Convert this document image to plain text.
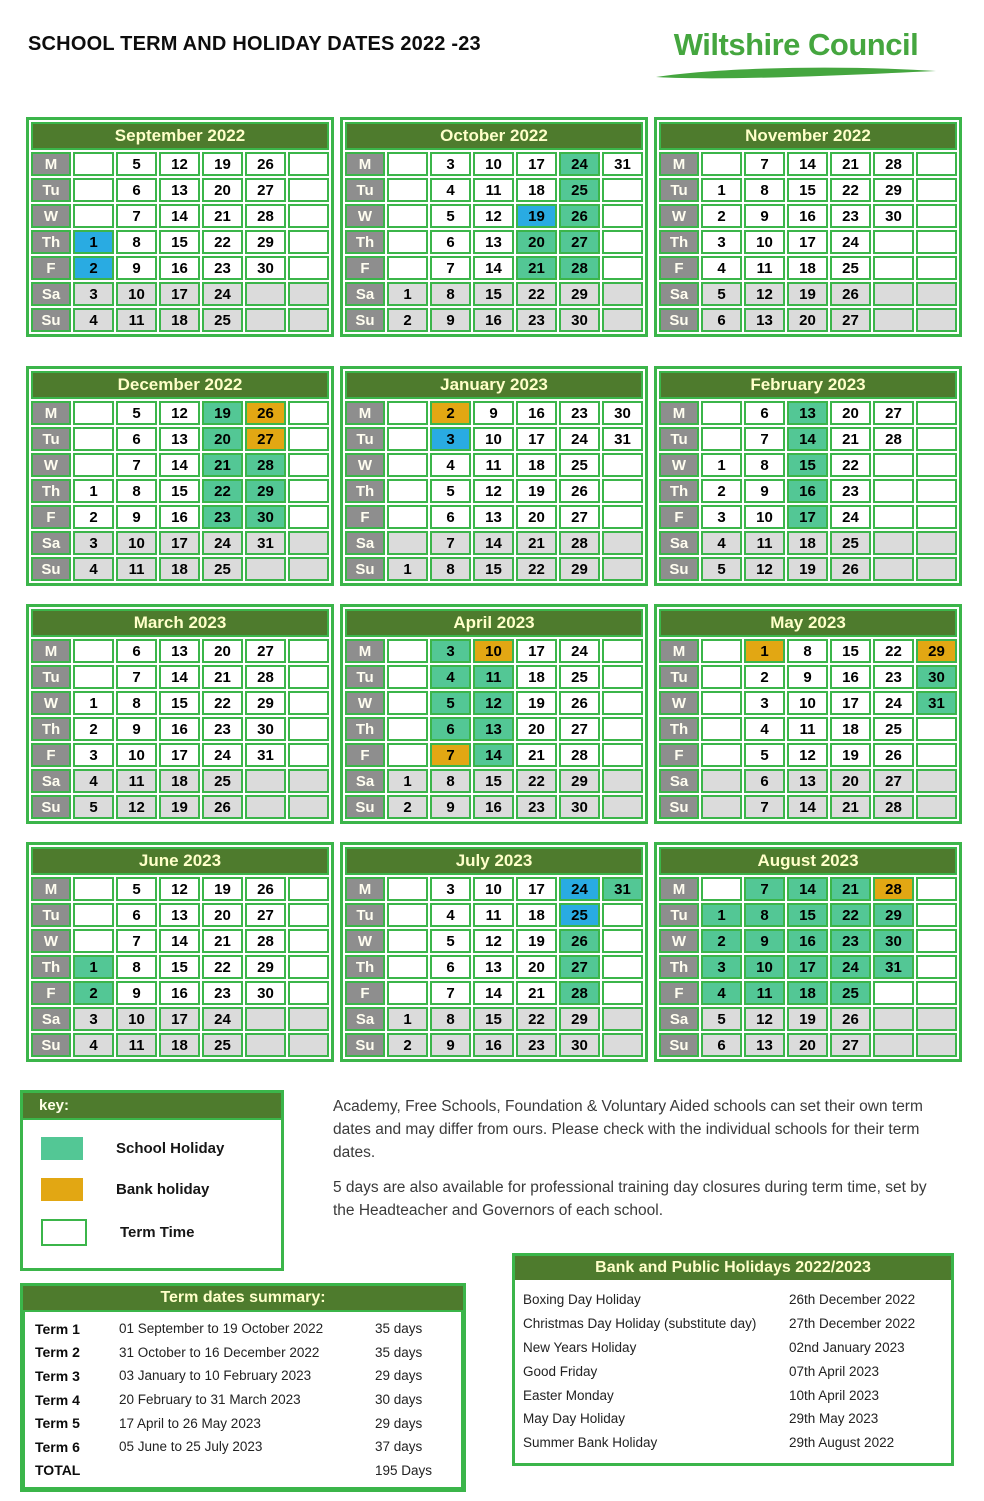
SCHOOL TERM AND HOLIDAY DATES 2022 -23	Wiltshire Council
September 2022						
M		5	12	19	26	
Tu		6	13	20	27	
W		7	14	21	28	
Th	1	8	15	22	29	
F	2	9	16	23	30	
Sa	3	10	17	24		
Su	4	11	18	25		
October 2022						
M		3	10	17	24	31
Tu		4	11	18	25	
W		5	12	19	26	
Th		6	13	20	27	
F		7	14	21	28	
Sa	1	8	15	22	29	
Su	2	9	16	23	30	
November 2022						
M		7	14	21	28	
Tu	1	8	15	22	29	
W	2	9	16	23	30	
Th	3	10	17	24		
F	4	11	18	25		
Sa	5	12	19	26		
Su	6	13	20	27		
December 2022						
M		5	12	19	26	
Tu		6	13	20	27	
W		7	14	21	28	
Th	1	8	15	22	29	
F	2	9	16	23	30	
Sa	3	10	17	24	31	
Su	4	11	18	25		
January 2023						
M		2	9	16	23	30
Tu		3	10	17	24	31
W		4	11	18	25	
Th		5	12	19	26	
F		6	13	20	27	
Sa		7	14	21	28	
Su	1	8	15	22	29	
February 2023						
M		6	13	20	27	
Tu		7	14	21	28	
W	1	8	15	22		
Th	2	9	16	23		
F	3	10	17	24		
Sa	4	11	18	25		
Su	5	12	19	26		
March 2023						
M		6	13	20	27	
Tu		7	14	21	28	
W	1	8	15	22	29	
Th	2	9	16	23	30	
F	3	10	17	24	31	
Sa	4	11	18	25		
Su	5	12	19	26		
April 2023						
M		3	10	17	24	
Tu		4	11	18	25	
W		5	12	19	26	
Th		6	13	20	27	
F		7	14	21	28	
Sa	1	8	15	22	29	
Su	2	9	16	23	30	
May 2023						
M		1	8	15	22	29
Tu		2	9	16	23	30
W		3	10	17	24	31
Th		4	11	18	25	
F		5	12	19	26	
Sa		6	13	20	27	
Su		7	14	21	28	
June 2023						
M		5	12	19	26	
Tu		6	13	20	27	
W		7	14	21	28	
Th	1	8	15	22	29	
F	2	9	16	23	30	
Sa	3	10	17	24		
Su	4	11	18	25		
July 2023						
M		3	10	17	24	31
Tu		4	11	18	25	
W		5	12	19	26	
Th		6	13	20	27	
F		7	14	21	28	
Sa	1	8	15	22	29	
Su	2	9	16	23	30	
August 2023						
M		7	14	21	28	
Tu	1	8	15	22	29	
W	2	9	16	23	30	
Th	3	10	17	24	31	
F	4	11	18	25		
Sa	5	12	19	26		
Su	6	13	20	27		
key:
School Holiday
Bank holiday
Term Time

Academy, Free Schools, Foundation & Voluntary Aided schools can set their own term dates and may differ from ours. Please check with the individual schools for their term dates.

5 days are also available for professional training day closures during term time, set by the Headteacher and Governors of each school.

Term dates summary:
Term 1	01 September to 19 October 2022	35 days
Term 2	31 October to 16 December 2022	35 days
Term 3	03 January to 10 February 2023	29 days
Term 4	20 February to 31 March 2023	30 days
Term 5	17 April to 26 May 2023	29 days
Term 6	05 June to 25 July 2023	37 days
TOTAL	195 Days
Bank and Public Holidays 2022/2023
Boxing Day Holiday	26th December 2022
Christmas Day Holiday (substitute day)	27th December 2022
New Years Holiday	02nd January 2023
Good Friday	07th April 2023
Easter Monday	10th April 2023
May Day Holiday	29th May 2023
Summer Bank Holiday	29th August 2022
